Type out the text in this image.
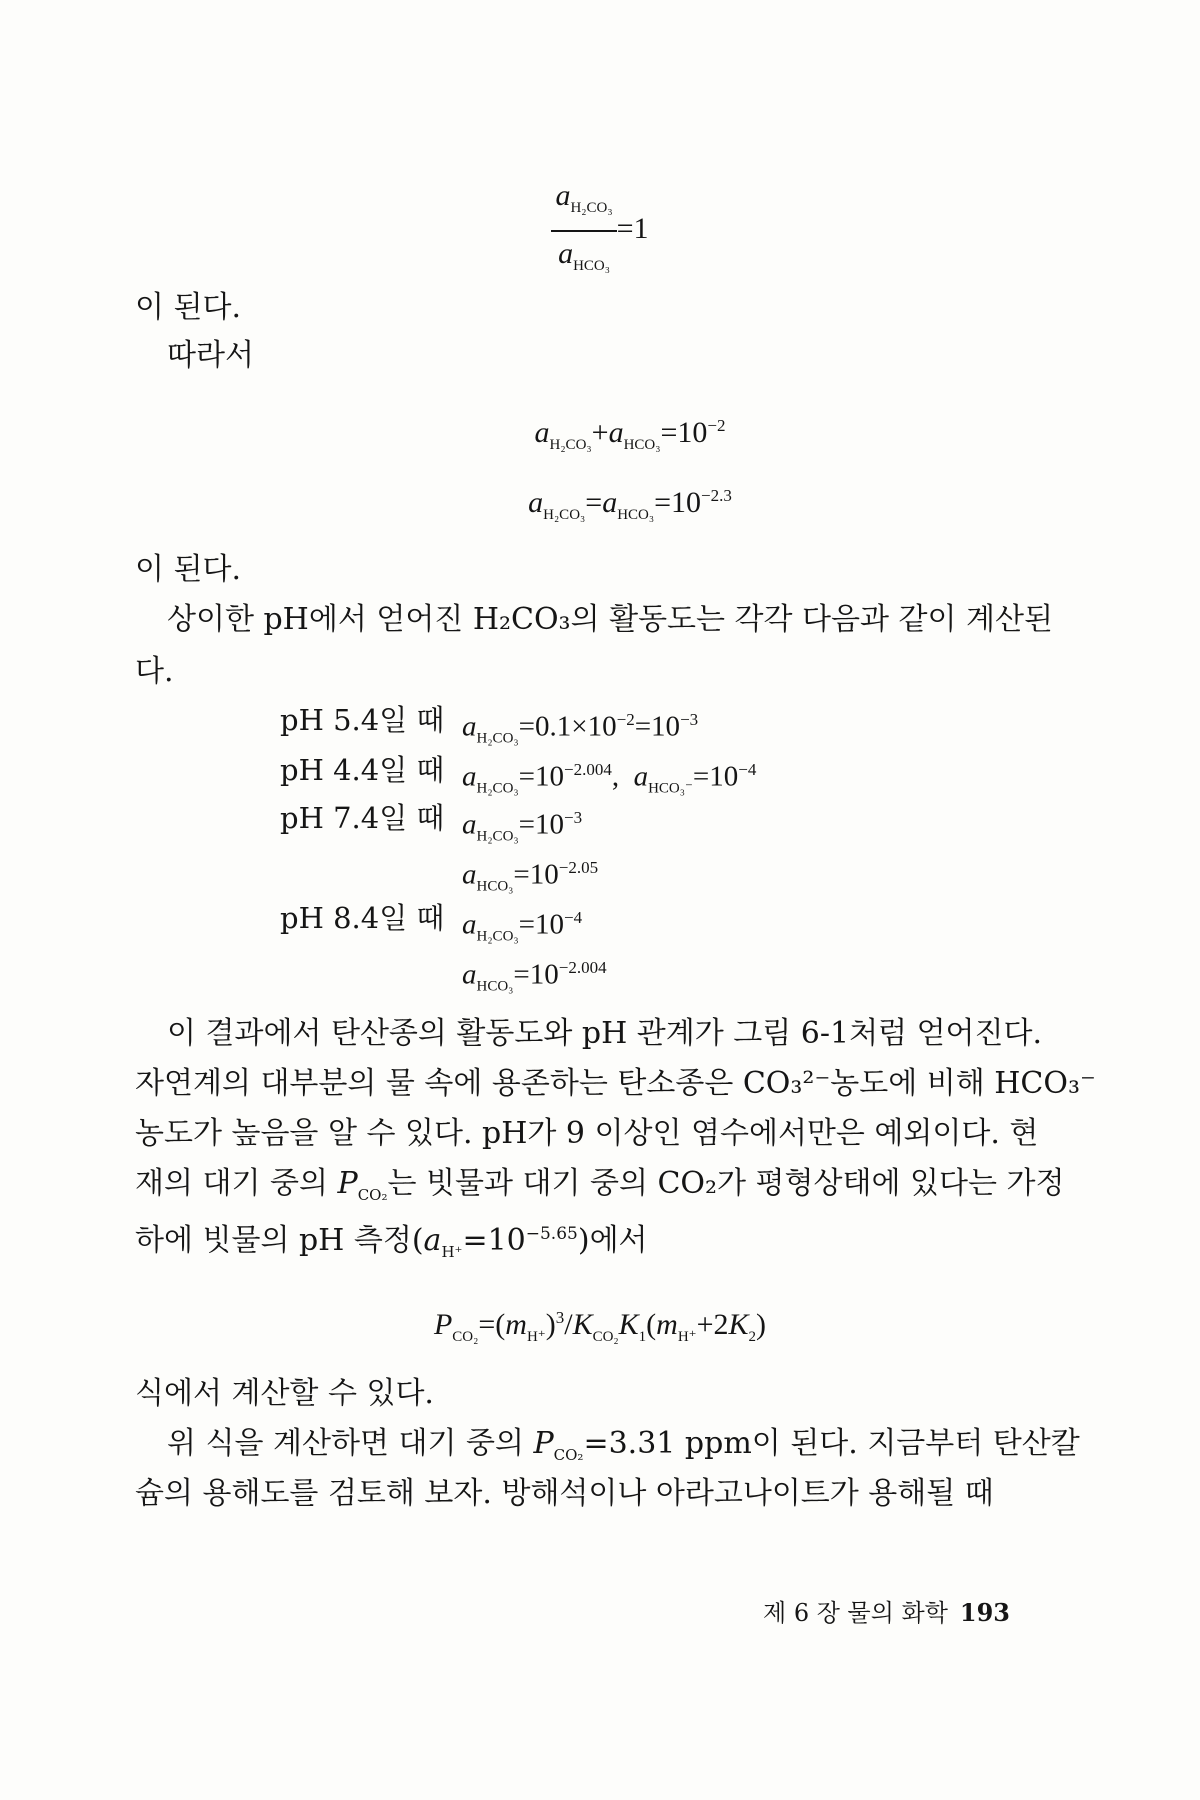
$\frac{a_{H_2CO_3}}{a_{HCO_3}} =1$
이 된다.
따라서
$a_{H_2CO_3}+a_{HCO_3}=10^{-2}$
$a_{H_2CO_3}=a_{HCO_3}=10^{-2.3}$
이 된다.
상이한 pH에서 얻어진 H₂CO₃의 활동도는 각각 다음과 같이 계산된
다.
pH 5.4일 때 $a_{H_2CO_3}=0.1\times 10^{-2}=10^{-3}$
pH 4.4일 때 $a_{H_2CO_3}=10^{-2.004}$,  $a_{HCO_3^-}=10^{-4}$
pH 7.4일 때 $a_{H_2CO_3}=10^{-3}$
$a_{HCO_3}=10^{-2.05}$
pH 8.4일 때 $a_{H_2CO_3}=10^{-4}$
$a_{HCO_3}=10^{-2.004}$
이 결과에서 탄산종의 활동도와 pH 관계가 그림 6-1처럼 얻어진다.
자연계의 대부분의 물 속에 용존하는 탄소종은 CO₃²⁻농도에 비해 HCO₃⁻
농도가 높음을 알 수 있다. pH가 9 이상인 염수에서만은 예외이다. 현
재의 대기 중의 $P_{CO_2}$는 빗물과 대기 중의 CO₂가 평형상태에 있다는 가정
하에 빗물의 pH 측정$(a_{H^+}=10^{-5.65})$에서
$P_{CO_2}=(m_{H^+})^3/K_{CO_2}K_1(m_{H^+}+2K_2)$
식에서 계산할 수 있다.
위 식을 계산하면 대기 중의 $P_{CO_2}=3.31$ ppm이 된다. 지금부터 탄산칼
슘의 용해도를 검토해 보자. 방해석이나 아라고나이트가 용해될 때
제 6 장 물의 화학 193
